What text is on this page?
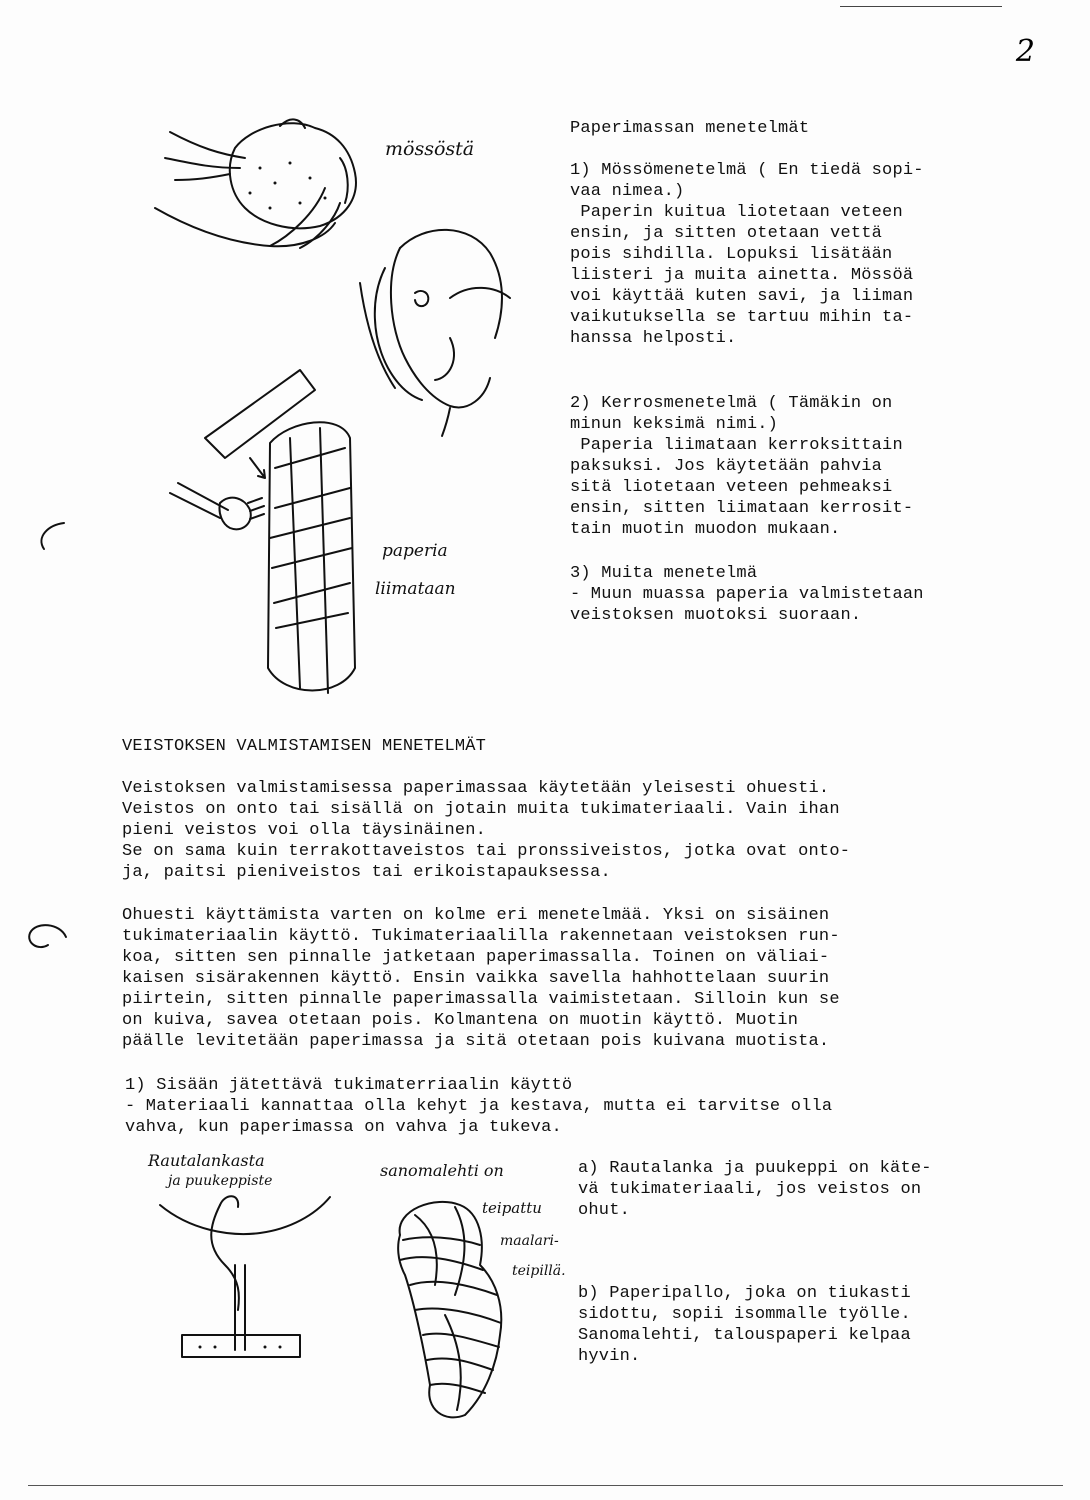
2
mössöstä
paperia
liimataan
Paperimassan menetelmät
1) Mössömenetelmä ( En tiedä sopi-
vaa nimea.)
Paperin kuitua liotetaan veteen
ensin, ja sitten otetaan vettä
pois sihdilla. Lopuksi lisätään
liisteri ja muita ainetta. Mössöä
voi käyttää kuten savi, ja liiman
vaikutuksella se tartuu mihin ta-
hanssa helposti.
2) Kerrosmenetelmä ( Tämäkin on
minun keksimä nimi.)
Paperia liimataan kerroksittain
paksuksi. Jos käytetään pahvia
sitä liotetaan veteen pehmeaksi
ensin, sitten liimataan kerrosit-
tain muotin muodon mukaan.
3) Muita menetelmä
- Muun muassa paperia valmistetaan
veistoksen muotoksi suoraan.
VEISTOKSEN VALMISTAMISEN MENETELMÄT
Veistoksen valmistamisessa paperimassaa käytetään yleisesti ohuesti.
Veistos on onto tai sisällä on jotain muita tukimateriaali. Vain ihan
pieni veistos voi olla täysinäinen.
Se on sama kuin terrakottaveistos tai pronssiveistos, jotka ovat onto-
ja, paitsi pieniveistos tai erikoistapauksessa.
Ohuesti käyttämista varten on kolme eri menetelmää. Yksi on sisäinen
tukimateriaalin käyttö. Tukimateriaalilla rakennetaan veistoksen run-
koa, sitten sen pinnalle jatketaan paperimassalla. Toinen on väliai-
kaisen sisärakennen käyttö. Ensin vaikka savella hahhottelaan suurin
piirtein, sitten pinnalle paperimassalla vaimistetaan. Silloin kun se
on kuiva, savea otetaan pois. Kolmantena on muotin käyttö. Muotin
päälle levitetään paperimassa ja sitä otetaan pois kuivana muotista.
1) Sisään jätettävä tukimaterriaalin käyttö
- Materiaali kannattaa olla kehyt ja kestava, mutta ei tarvitse olla
vahva, kun paperimassa on vahva ja tukeva.
a) Rautalanka ja puukeppi on käte-
vä tukimateriaali, jos veistos on
ohut.
b) Paperipallo, joka on tiukasti
sidottu, sopii isommalle työlle.
Sanomalehti, talouspaperi kelpaa
hyvin.
Rautalankasta
ja puukeppiste
sanomalehti on
teipattu
maalari-
teipillä.
